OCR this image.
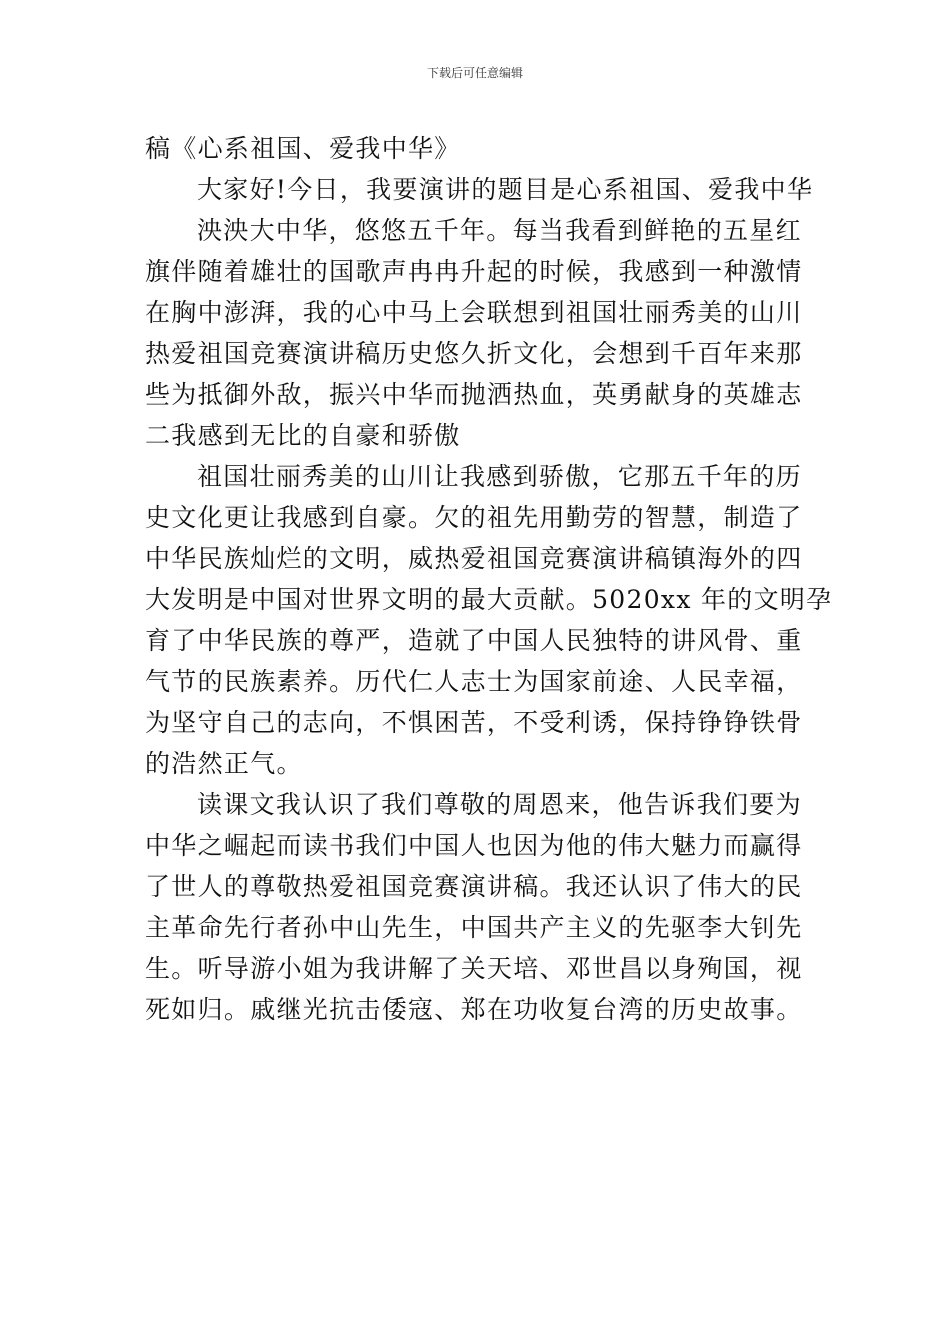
下载后可任意编辑
稿《心系祖国、爱我中华》
大家好!今日，我要演讲的题目是心系祖国、爱我中华
泱泱大中华，悠悠五千年。每当我看到鲜艳的五星红
旗伴随着雄壮的国歌声冉冉升起的时候，我感到一种激情
在胸中澎湃，我的心中马上会联想到祖国壮丽秀美的山川
热爱祖国竞赛演讲稿历史悠久折文化，会想到千百年来那
些为抵御外敌，振兴中华而抛洒热血，英勇献身的英雄志
二我感到无比的自豪和骄傲
祖国壮丽秀美的山川让我感到骄傲，它那五千年的历
史文化更让我感到自豪。欠的祖先用勤劳的智慧，制造了
中华民族灿烂的文明，威热爱祖国竞赛演讲稿镇海外的四
大发明是中国对世界文明的最大贡献。5020xx 年的文明孕
育了中华民族的尊严，造就了中国人民独特的讲风骨、重
气节的民族素养。历代仁人志士为国家前途、人民幸福，
为坚守自己的志向，不惧困苦，不受利诱，保持铮铮铁骨
的浩然正气。
读课文我认识了我们尊敬的周恩来，他告诉我们要为
中华之崛起而读书我们中国人也因为他的伟大魅力而赢得
了世人的尊敬热爱祖国竞赛演讲稿。我还认识了伟大的民
主革命先行者孙中山先生，中国共产主义的先驱李大钊先
生。听导游小姐为我讲解了关天培、邓世昌以身殉国，视
死如归。戚继光抗击倭寇、郑在功收复台湾的历史故事。
